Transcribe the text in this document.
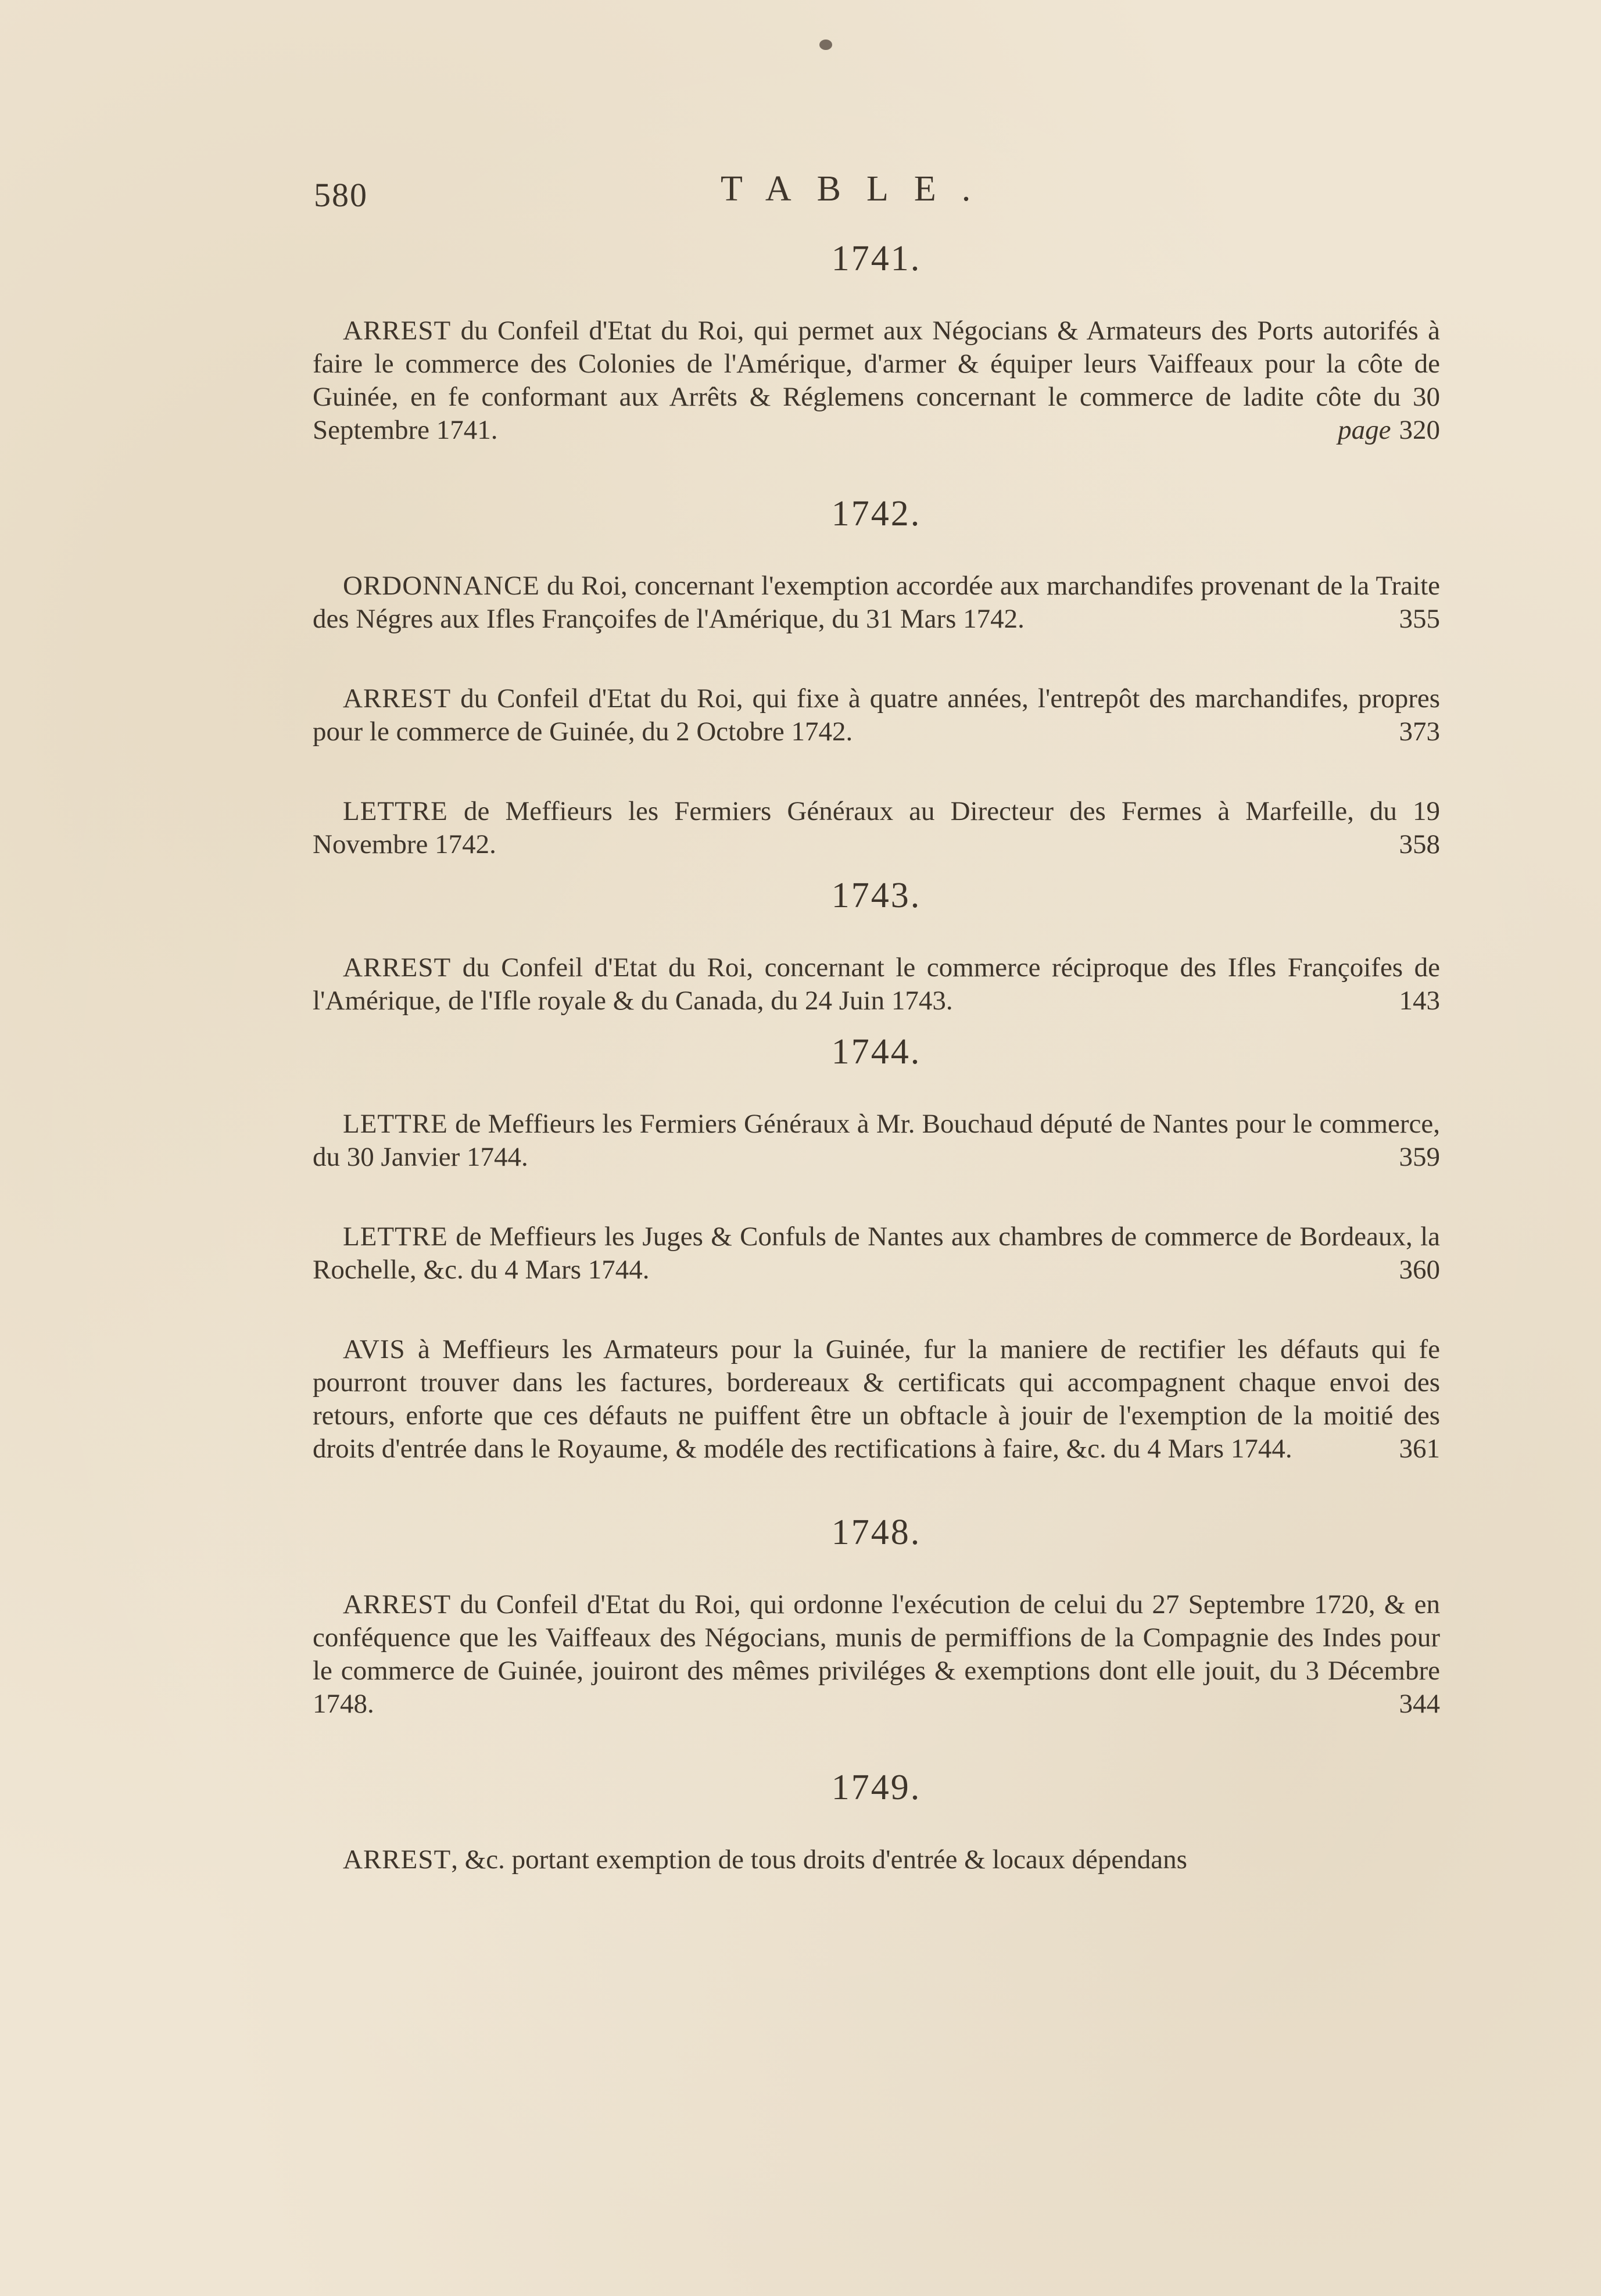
580	TABLE.
1741.
ARREST du Confeil d'Etat du Roi, qui permet aux Négocians & Armateurs des Ports autorifés à faire le commerce des Colonies de l'Amérique, d'armer & équiper leurs Vaiffeaux pour la côte de Guinée, en fe conformant aux Arrêts & Réglemens concernant le commerce de ladite côte du 30 Septembre 1741.	page 320
1742.
ORDONNANCE du Roi, concernant l'exemption accordée aux marchandifes provenant de la Traite des Négres aux Ifles Françoifes de l'Amérique, du 31 Mars 1742.	355
ARREST du Confeil d'Etat du Roi, qui fixe à quatre années, l'entrepôt des marchandifes, propres pour le commerce de Guinée, du 2 Octobre 1742.	373
LETTRE de Meffieurs les Fermiers Généraux au Directeur des Fermes à Marfeille, du 19 Novembre 1742.	358
1743.
ARREST du Confeil d'Etat du Roi, concernant le commerce réciproque des Ifles Françoifes de l'Amérique, de l'Ifle royale & du Canada, du 24 Juin 1743.	143
1744.
LETTRE de Meffieurs les Fermiers Généraux à Mr. Bouchaud député de Nantes pour le commerce, du 30 Janvier 1744.	359
LETTRE de Meffieurs les Juges & Confuls de Nantes aux chambres de commerce de Bordeaux, la Rochelle, &c. du 4 Mars 1744.	360
AVIS à Meffieurs les Armateurs pour la Guinée, fur la maniere de rectifier les défauts qui fe pourront trouver dans les factures, bordereaux & certificats qui accompagnent chaque envoi des retours, enforte que ces défauts ne puiffent être un obftacle à jouir de l'exemption de la moitié des droits d'entrée dans le Royaume, & modéle des rectifications à faire, &c. du 4 Mars 1744.	361
1748.
ARREST du Confeil d'Etat du Roi, qui ordonne l'exécution de celui du 27 Septembre 1720, & en conféquence que les Vaiffeaux des Négocians, munis de permiffions de la Compagnie des Indes pour le commerce de Guinée, jouiront des mêmes priviléges & exemptions dont elle jouit, du 3 Décembre 1748.	344
1749.
ARREST, &c. portant exemption de tous droits d'entrée & locaux dépendans
